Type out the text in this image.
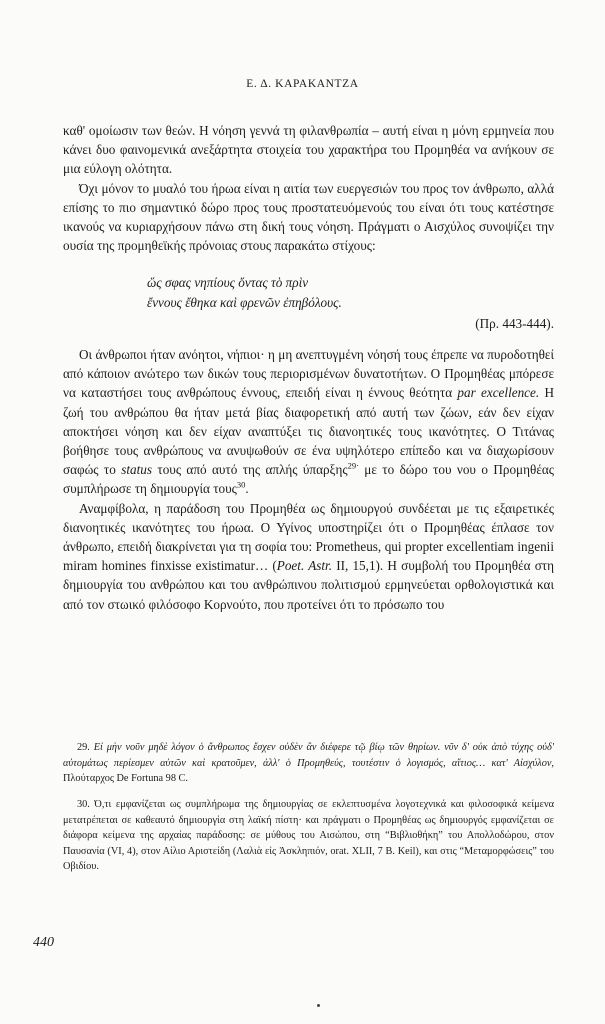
Ε. Δ. ΚΑΡΑΚΑΝΤΖΑ

καθ' ομοίωσιν των θεών. Η νόηση γεννά τη φιλανθρωπία – αυτή είναι η μόνη ερμηνεία που κάνει δυο φαινομενικά ανεξάρτητα στοιχεία του χαρακτήρα του Προμηθέα να ανήκουν σε μια εύλογη ολότητα.

Όχι μόνον το μυαλό του ήρωα είναι η αιτία των ευεργεσιών του προς τον άνθρωπο, αλλά επίσης το πιο σημαντικό δώρο προς τους προστατευόμενούς του είναι ότι τους κατέστησε ικανούς να κυριαρχήσουν πάνω στη δική τους νόηση. Πράγματι ο Αισχύλος συνοψίζει την ουσία της προμηθεϊκής πρόνοιας στους παρακάτω στίχους:

ὥς σφας νηπίους ὄντας τὸ πρὶν
ἔννους ἔθηκα καὶ φρενῶν ἐπηβόλους.
(Πρ. 443-444).

Οι άνθρωποι ήταν ανόητοι, νήπιοι· η μη ανεπτυγμένη νόησή τους έπρεπε να πυροδοτηθεί από κάποιον ανώτερο των δικών τους περιορισμένων δυνατοτήτων. Ο Προμηθέας μπόρεσε να καταστήσει τους ανθρώπους έννους, επειδή είναι η έννους θεότητα par excellence. Η ζωή του ανθρώπου θα ήταν μετά βίας διαφορετική από αυτή των ζώων, εάν δεν είχαν αποκτήσει νόηση και δεν είχαν αναπτύξει τις διανοητικές τους ικανότητες. Ο Τιτάνας βοήθησε τους ανθρώπους να ανυψωθούν σε ένα υψηλότερο επίπεδο και να διαχωρίσουν σαφώς το status τους από αυτό της απλής ύπαρξης$^{29\cdot}$ με το δώρο του νου ο Προμηθέας συμπλήρωσε τη δημιουργία τους$^{30}$.

Αναμφίβολα, η παράδοση του Προμηθέα ως δημιουργού συνδέεται με τις εξαιρετικές διανοητικές ικανότητες του ήρωα. Ο Υγίνος υποστηρίζει ότι ο Προμηθέας έπλασε τον άνθρωπο, επειδή διακρίνεται για τη σοφία του: Prometheus, qui propter excellentiam ingenii miram homines finxisse existimatur… (Poet. Astr. II, 15,1). Η συμβολή του Προμηθέα στη δημιουργία του ανθρώπου και του ανθρώπινου πολιτισμού ερμηνεύεται ορθολογιστικά και από τον στωικό φιλόσοφο Κορνούτο, που προτείνει ότι το πρόσωπο του

29. Εἰ μὴν νοῦν μηδὲ λόγον ὁ ἄνθρωπος ἔσχεν οὐδὲν ἂν διέφερε τῷ βίῳ τῶν θηρίων. νῦν δ' οὐκ ἀπὸ τύχης οὐδ' αὐτομάτως περίεσμεν αὐτῶν καὶ κρατοῦμεν, ἀλλ' ὁ Προμηθεύς, τουτέστιν ὁ λογισμός, αἴτιος… κατ' Αἰσχύλον, Πλούταρχος De Fortuna 98 C.

30. Ό,τι εμφανίζεται ως συμπλήρωμα της δημιουργίας σε εκλεπτυσμένα λογοτεχνικά και φιλοσοφικά κείμενα μετατρέπεται σε καθεαυτό δημιουργία στη λαϊκή πίστη· και πράγματι ο Προμηθέας ως δημιουργός εμφανίζεται σε διάφορα κείμενα της αρχαίας παράδοσης: σε μύθους του Αισώπου, στη “Βιβλιοθήκη” του Απολλοδώρου, στον Παυσανία (VI, 4), στον Αίλιο Αριστείδη (Λαλιὰ εἰς Ἀσκληπιόν, orat. XLII, 7 B. Keil), και στις “Μεταμορφώσεις” του Οβιδίου.

440
